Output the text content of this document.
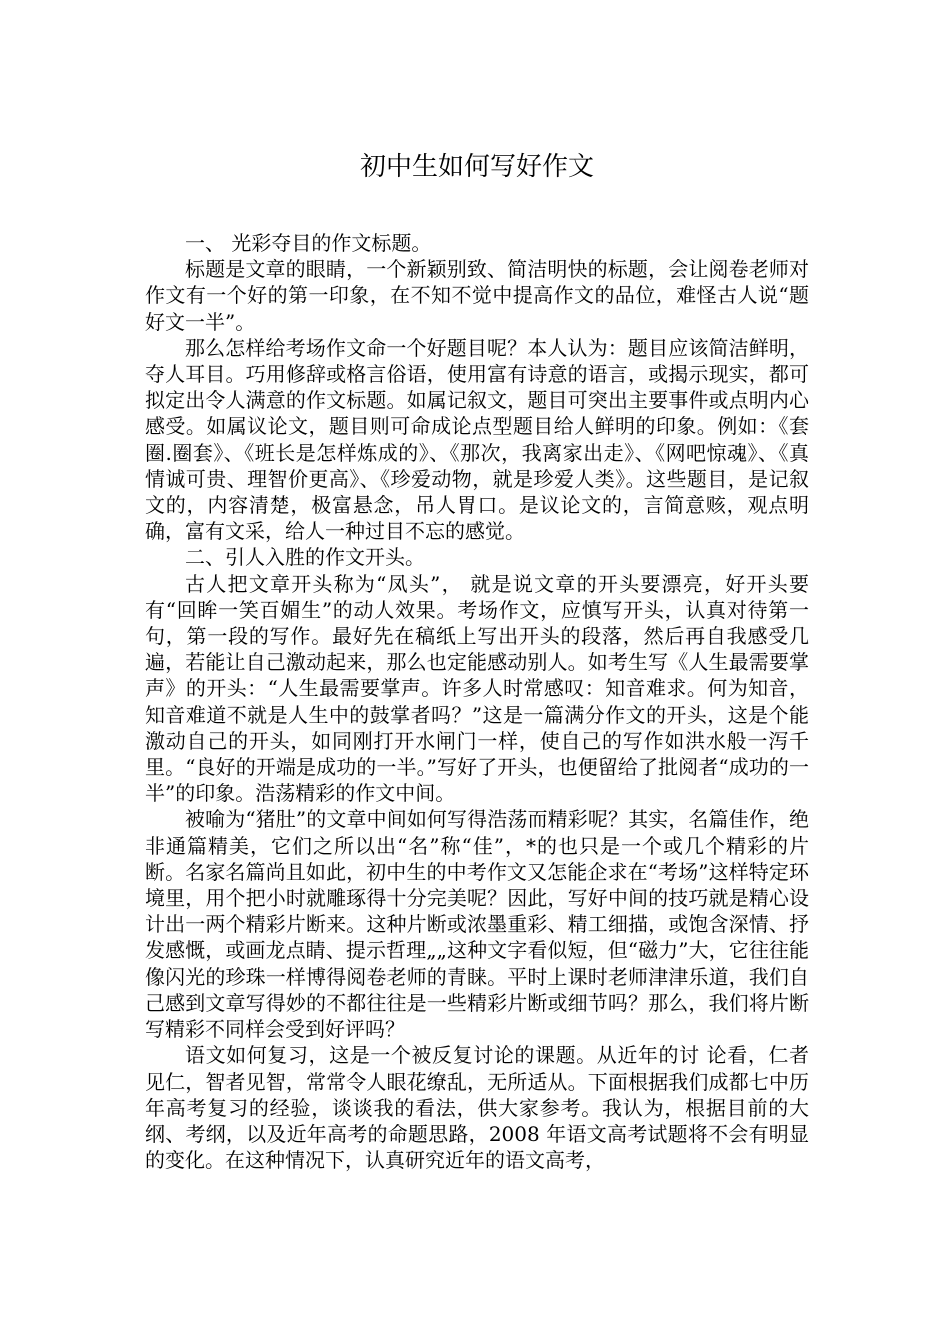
初中生如何写好作文

一、 光彩夺目的作文标题。

标题是文章的眼睛，一个新颖别致、简洁明快的标题，会让阅卷老师对作文有一个好的第一印象，在不知不觉中提高作文的品位，难怪古人说“题好文一半”。

那么怎样给考场作文命一个好题目呢？本人认为：题目应该简洁鲜明，夺人耳目。巧用修辞或格言俗语，使用富有诗意的语言，或揭示现实，都可拟定出令人满意的作文标题。如属记叙文，题目可突出主要事件或点明内心感受。如属议论文，题目则可命成论点型题目给人鲜明的印象。例如：《套圈.圈套》、《班长是怎样炼成的》、《那次，我离家出走》、《网吧惊魂》、《真情诚可贵、理智价更高》、《珍爱动物，就是珍爱人类》。这些题目，是记叙文的，内容清楚，极富悬念，吊人胃口。是议论文的，言简意赅，观点明确，富有文采，给人一种过目不忘的感觉。

二、引人入胜的作文开头。

古人把文章开头称为“凤头”， 就是说文章的开头要漂亮，好开头要有“回眸一笑百媚生”的动人效果。考场作文，应慎写开头，认真对待第一句，第一段的写作。最好先在稿纸上写出开头的段落，然后再自我感受几遍，若能让自己激动起来，那么也定能感动别人。如考生写《人生最需要掌声》的开头：“人生最需要掌声。许多人时常感叹：知音难求。何为知音，知音难道不就是人生中的鼓掌者吗？”这是一篇满分作文的开头，这是个能激动自己的开头，如同刚打开水闸门一样，使自己的写作如洪水般一泻千里。“良好的开端是成功的一半。”写好了开头，也便留给了批阅者“成功的一半”的印象。浩荡精彩的作文中间。

被喻为“猪肚”的文章中间如何写得浩荡而精彩呢？其实，名篇佳作，绝非通篇精美，它们之所以出“名”称“佳”，*的也只是一个或几个精彩的片断。名家名篇尚且如此，初中生的中考作文又怎能企求在“考场”这样特定环境里，用个把小时就雕琢得十分完美呢？因此，写好中间的技巧就是精心设计出一两个精彩片断来。这种片断或浓墨重彩、精工细描，或饱含深情、抒发感慨，或画龙点睛、提示哲理„„这种文字看似短，但“磁力”大，它往往能像闪光的珍珠一样博得阅卷老师的青睐。平时上课时老师津津乐道，我们自己感到文章写得妙的不都往往是一些精彩片断或细节吗？那么，我们将片断写精彩不同样会受到好评吗？

语文如何复习，这是一个被反复讨论的课题。从近年的讨 论看，仁者见仁，智者见智，常常令人眼花缭乱，无所适从。下面根据我们成都七中历年高考复习的经验，谈谈我的看法，供大家参考。我认为，根据目前的大纲、考纲，以及近年高考的命题思路，2008 年语文高考试题将不会有明显的变化。在这种情况下，认真研究近年的语文高考，
